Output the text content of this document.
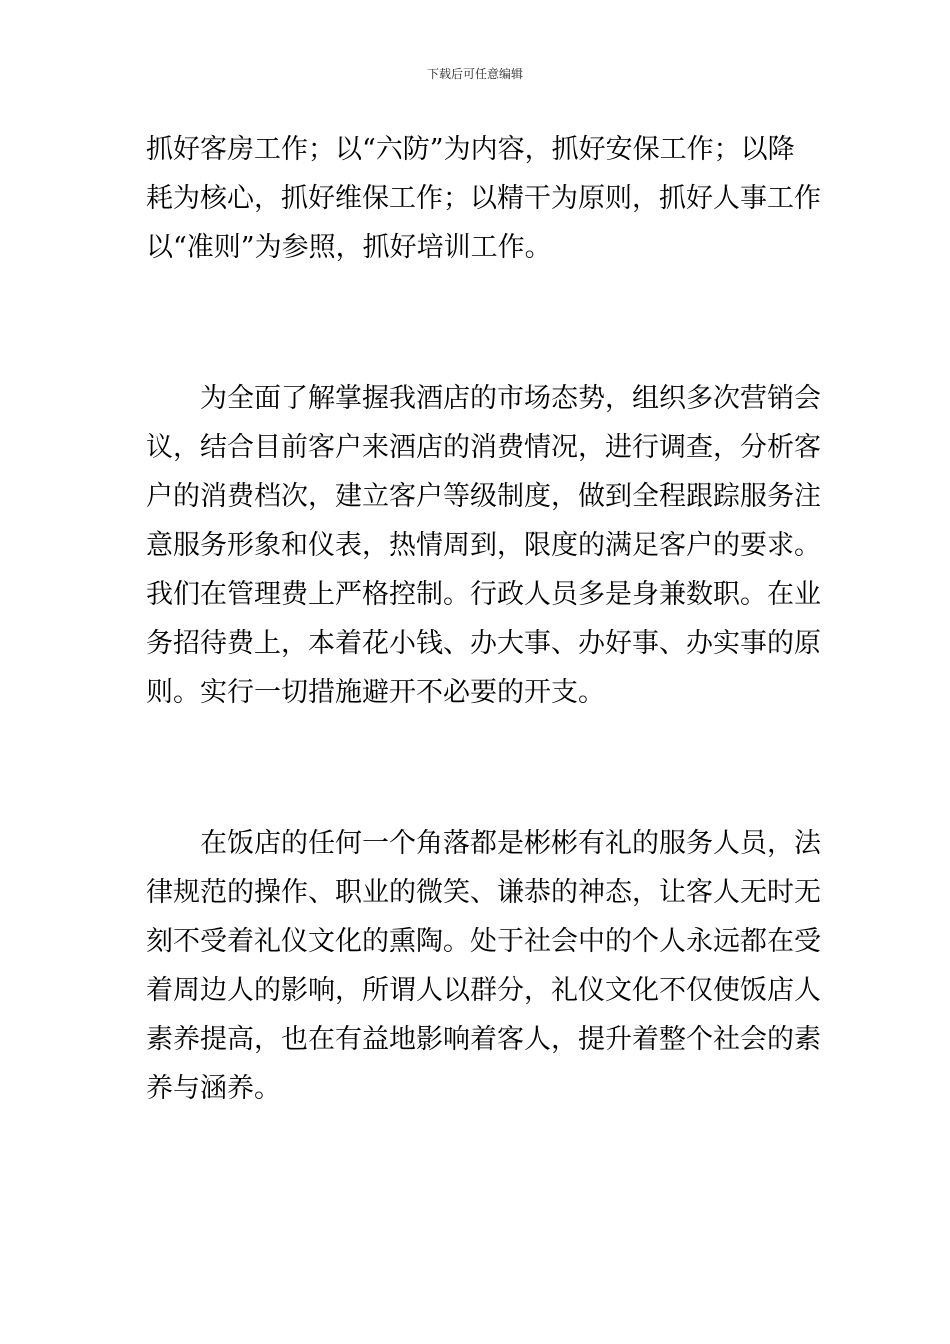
下载后可任意编辑
抓好客房工作；以“六防”为内容，抓好安保工作；以降
耗为核心，抓好维保工作；以精干为原则，抓好人事工作
以“准则”为参照，抓好培训工作。
为全面了解掌握我酒店的市场态势，组织多次营销会
议，结合目前客户来酒店的消费情况，进行调查，分析客
户的消费档次，建立客户等级制度，做到全程跟踪服务注
意服务形象和仪表，热情周到，限度的满足客户的要求。
我们在管理费上严格控制。行政人员多是身兼数职。在业
务招待费上，本着花小钱、办大事、办好事、办实事的原
则。实行一切措施避开不必要的开支。
在饭店的任何一个角落都是彬彬有礼的服务人员，法
律规范的操作、职业的微笑、谦恭的神态，让客人无时无
刻不受着礼仪文化的熏陶。处于社会中的个人永远都在受
着周边人的影响，所谓人以群分，礼仪文化不仅使饭店人
素养提高，也在有益地影响着客人，提升着整个社会的素
养与涵养。
